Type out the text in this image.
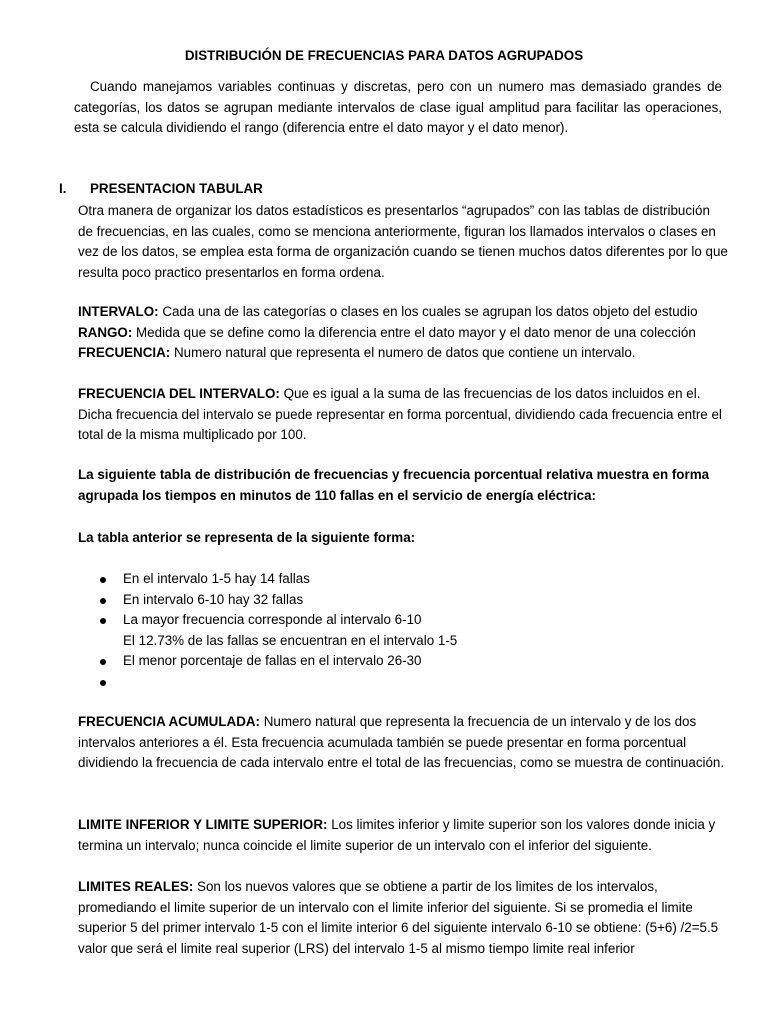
DISTRIBUCIÓN DE FRECUENCIAS PARA DATOS AGRUPADOS
Cuando manejamos variables continuas y discretas, pero con un numero mas demasiado grandes de categorías, los datos se agrupan mediante intervalos de clase igual amplitud para facilitar las operaciones, esta se calcula dividiendo el rango (diferencia entre el dato mayor y el dato menor).
I. PRESENTACION TABULAR
Otra manera de organizar los datos estadísticos es presentarlos “agrupados” con las tablas de distribución de frecuencias, en las cuales, como se menciona anteriormente, figuran los llamados intervalos o clases en vez de los datos, se emplea esta forma de organización cuando se tienen muchos datos diferentes por lo que resulta poco practico presentarlos en forma ordena.
INTERVALO: Cada una de las categorías o clases en los cuales se agrupan los datos objeto del estudio
RANGO: Medida que se define como la diferencia entre el dato mayor y el dato menor de una colección
FRECUENCIA: Numero natural que representa el numero de datos que contiene un intervalo.
FRECUENCIA DEL INTERVALO: Que es igual a la suma de las frecuencias de los datos incluidos en el. Dicha frecuencia del intervalo se puede representar en forma porcentual, dividiendo cada frecuencia entre el total de la misma multiplicado por 100.
La siguiente tabla de distribución de frecuencias y frecuencia porcentual relativa muestra en forma agrupada los tiempos en minutos de 110 fallas en el servicio de energía eléctrica:
La tabla anterior se representa de la siguiente forma:
En el intervalo 1-5 hay 14 fallas
En intervalo 6-10 hay 32 fallas
La mayor frecuencia corresponde al intervalo 6-10
El 12.73% de las fallas se encuentran en el intervalo 1-5
El menor porcentaje de fallas en el intervalo 26-30
FRECUENCIA ACUMULADA: Numero natural que representa la frecuencia de un intervalo y de los dos intervalos anteriores a él. Esta frecuencia acumulada también se puede presentar en forma porcentual dividiendo la frecuencia de cada intervalo entre el total de las frecuencias, como se muestra de continuación.
LIMITE INFERIOR Y LIMITE SUPERIOR: Los limites inferior y limite superior son los valores donde inicia y termina un intervalo; nunca coincide el limite superior de un intervalo con el inferior del siguiente.
LIMITES REALES: Son los nuevos valores que se obtiene a partir de los limites de los intervalos, promediando el limite superior de un intervalo con el limite inferior del siguiente. Si se promedia el limite superior 5 del primer intervalo 1-5 con el limite interior 6 del siguiente intervalo 6-10 se obtiene: (5+6) /2=5.5 valor que será el limite real superior (LRS) del intervalo 1-5 al mismo tiempo limite real inferior
